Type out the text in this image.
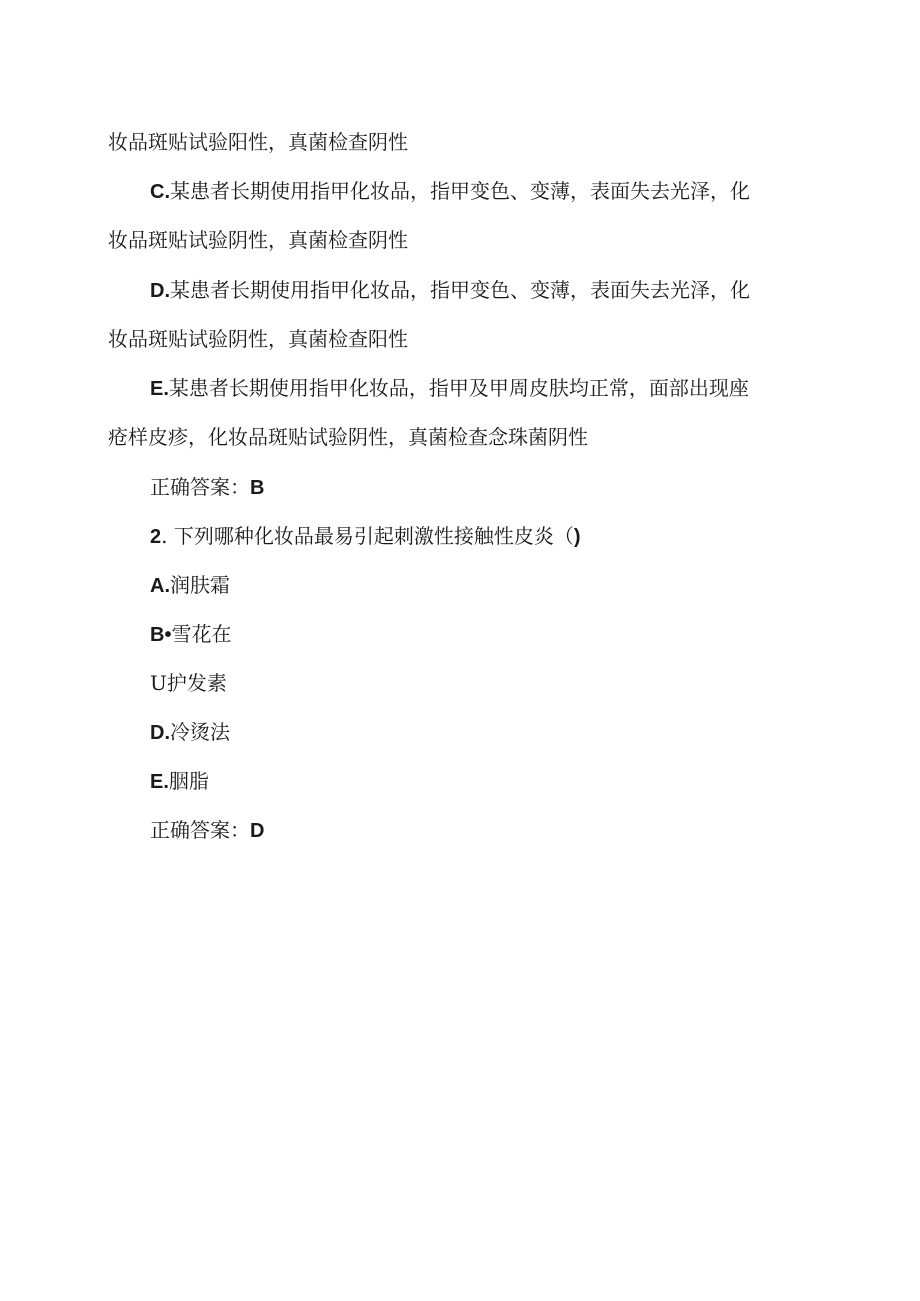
妆品斑贴试验阳性，真菌检查阴性
C.某患者长期使用指甲化妆品，指甲变色、变薄，表面失去光泽，化
妆品斑贴试验阴性，真菌检查阴性
D.某患者长期使用指甲化妆品，指甲变色、变薄，表面失去光泽，化
妆品斑贴试验阴性，真菌检查阳性
E.某患者长期使用指甲化妆品，指甲及甲周皮肤均正常，面部出现座
疮样皮疹，化妆品斑贴试验阴性，真菌检查念珠菌阴性
正确答案：B
2. 下列哪种化妆品最易引起刺激性接触性皮炎（)
A.润肤霜
B•雪花在
U护发素
D.冷烫法
E.胭脂
正确答案：D
